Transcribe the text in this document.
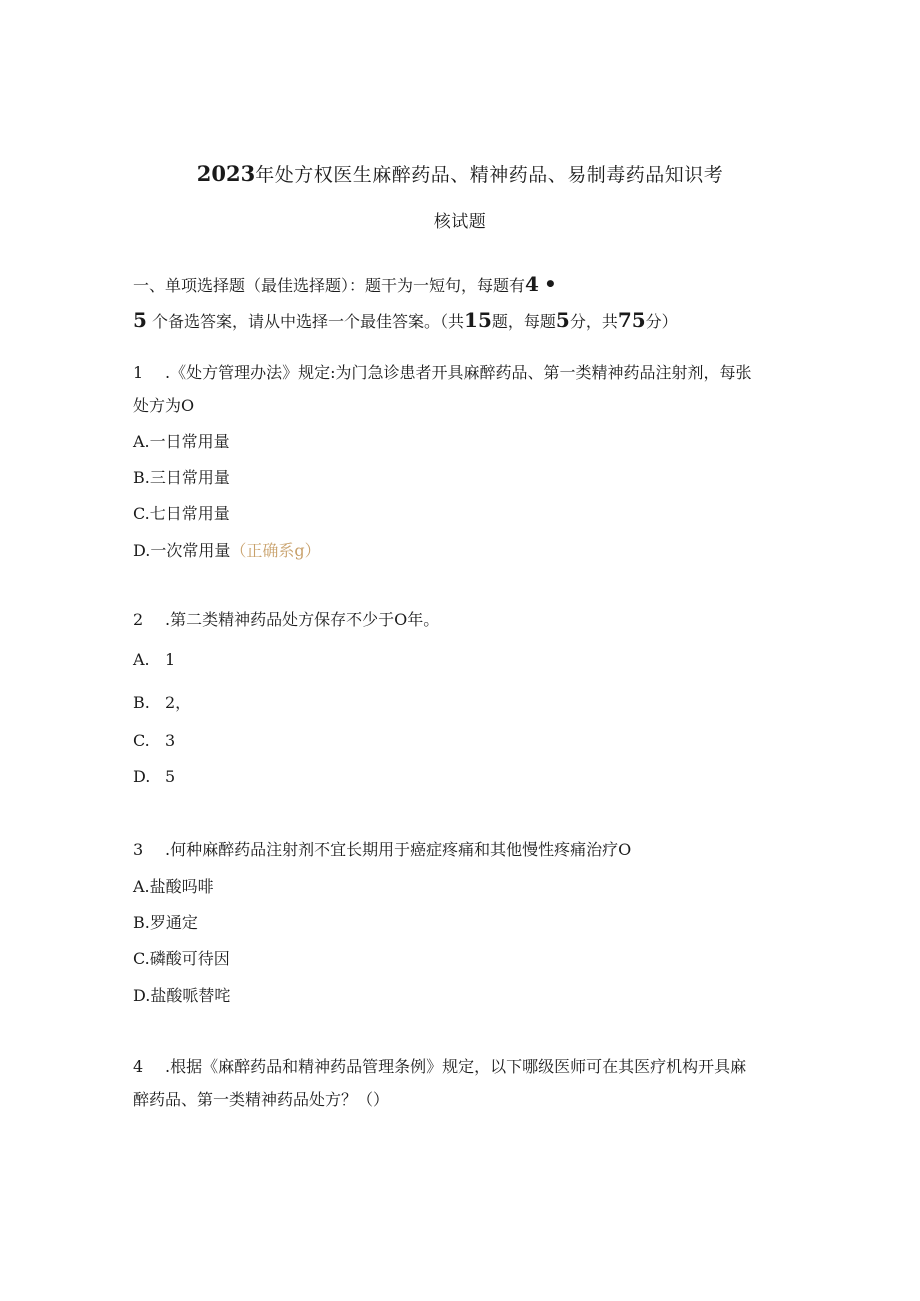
2023年处方权医生麻醉药品、精神药品、易制毒药品知识考
核试题
一、单项选择题（最佳选择题）：题干为一短句，每题有4 •
5 个备选答案，请从中选择一个最佳答案。（共15题，每题5分，共75分）
1 .《处方管理办法》规定:为门急诊患者开具麻醉药品、第一类精神药品注射剂，每张
处方为O
A.一日常用量
B.三日常用量
C.七日常用量
D.一次常用量（正确系g）
2 .第二类精神药品处方保存不少于O年。
A. 1
B. 2，
C. 3
D. 5
3 .何种麻醉药品注射剂不宜长期用于癌症疼痛和其他慢性疼痛治疗O
A.盐酸吗啡
B.罗通定
C.磷酸可待因
D.盐酸哌替咤
4 .根据《麻醉药品和精神药品管理条例》规定，以下哪级医师可在其医疗机构开具麻
醉药品、第一类精神药品处方？（）
